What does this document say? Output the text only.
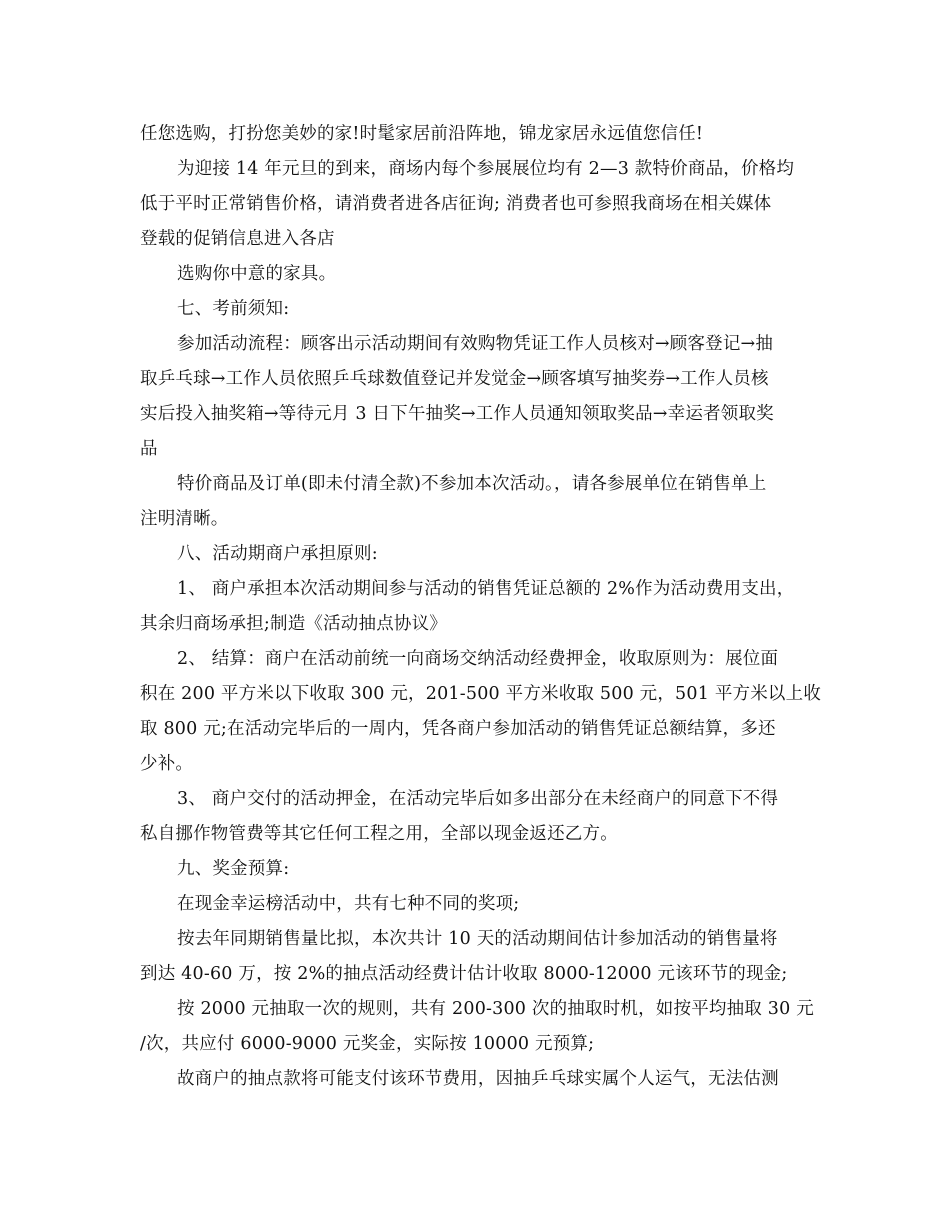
任您选购，打扮您美妙的家!时髦家居前沿阵地，锦龙家居永远值您信任!
为迎接 14 年元旦的到来，商场内每个参展展位均有 2—3 款特价商品，价格均
低于平时正常销售价格，请消费者进各店征询; 消费者也可参照我商场在相关媒体
登载的促销信息进入各店
选购你中意的家具。
七、考前须知:
参加活动流程：顾客出示活动期间有效购物凭证工作人员核对→顾客登记→抽
取乒乓球→工作人员依照乒乓球数值登记并发觉金→顾客填写抽奖券→工作人员核
实后投入抽奖箱→等待元月 3 日下午抽奖→工作人员通知领取奖品→幸运者领取奖
品
特价商品及订单(即未付清全款)不参加本次活动。，请各参展单位在销售单上
注明清晰。
八、活动期商户承担原则:
1、 商户承担本次活动期间参与活动的销售凭证总额的 2%作为活动费用支出，
其余归商场承担;制造《活动抽点协议》
2、 结算：商户在活动前统一向商场交纳活动经费押金，收取原则为：展位面
积在 200 平方米以下收取 300 元，201-500 平方米收取 500 元，501 平方米以上收
取 800 元;在活动完毕后的一周内，凭各商户参加活动的销售凭证总额结算，多还
少补。
3、 商户交付的活动押金，在活动完毕后如多出部分在未经商户的同意下不得
私自挪作物管费等其它任何工程之用，全部以现金返还乙方。
九、奖金预算:
在现金幸运榜活动中，共有七种不同的奖项;
按去年同期销售量比拟，本次共计 10 天的活动期间估计参加活动的销售量将
到达 40-60 万，按 2%的抽点活动经费计估计收取 8000-12000 元该环节的现金;
按 2000 元抽取一次的规则，共有 200-300 次的抽取时机，如按平均抽取 30 元
/次，共应付 6000-9000 元奖金，实际按 10000 元预算;
故商户的抽点款将可能支付该环节费用，因抽乒乓球实属个人运气，无法估测
